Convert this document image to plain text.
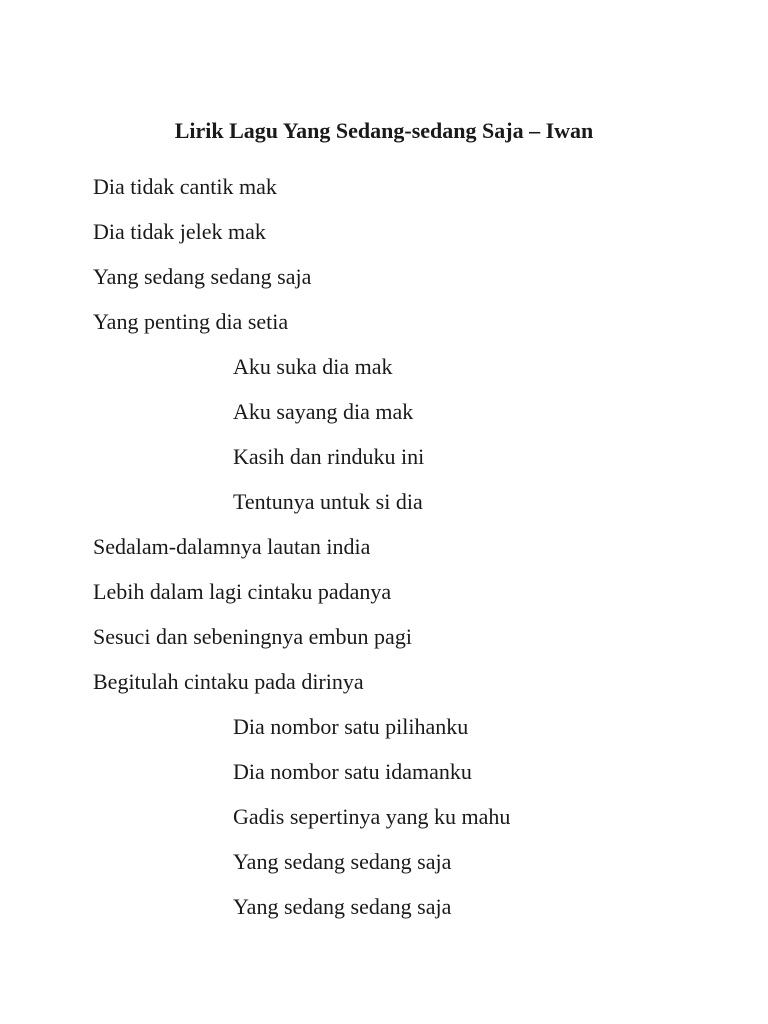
Lirik Lagu Yang Sedang-sedang Saja – Iwan
Dia tidak cantik mak
Dia tidak jelek mak
Yang sedang sedang saja
Yang penting dia setia
Aku suka dia mak
Aku sayang dia mak
Kasih dan rinduku ini
Tentunya untuk si dia
Sedalam-dalamnya lautan india
Lebih dalam lagi cintaku padanya
Sesuci dan sebeningnya embun pagi
Begitulah cintaku pada dirinya
Dia nombor satu pilihanku
Dia nombor satu idamanku
Gadis sepertinya yang ku mahu
Yang sedang sedang saja
Yang sedang sedang saja
